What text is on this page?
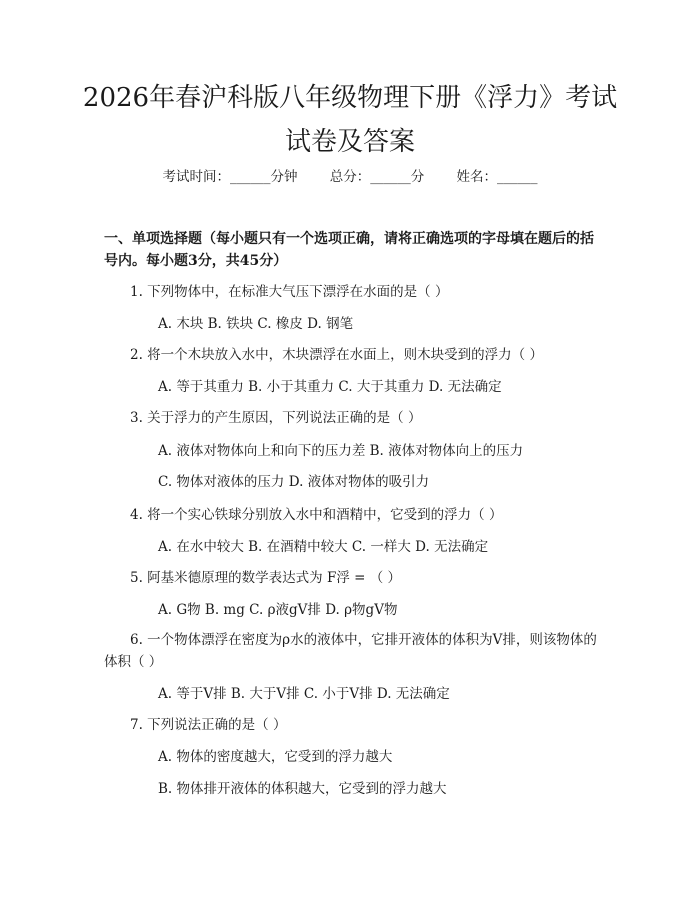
2026年春沪科版八年级物理下册《浮力》考试试卷及答案
考试时间：______分钟 总分：______分 姓名：______
一、单项选择题（每小题只有一个选项正确，请将正确选项的字母填在题后的括号内。每小题3分，共45分）
1. 下列物体中，在标准大气压下漂浮在水面的是（ ）
A. 木块 B. 铁块 C. 橡皮 D. 钢笔
2. 将一个木块放入水中，木块漂浮在水面上，则木块受到的浮力（ ）
A. 等于其重力 B. 小于其重力 C. 大于其重力 D. 无法确定
3. 关于浮力的产生原因，下列说法正确的是（ ）
A. 液体对物体向上和向下的压力差 B. 液体对物体向上的压力
C. 物体对液体的压力 D. 液体对物体的吸引力
4. 将一个实心铁球分别放入水中和酒精中，它受到的浮力（ ）
A. 在水中较大 B. 在酒精中较大 C. 一样大 D. 无法确定
5. 阿基米德原理的数学表达式为 F浮 = （ ）
A. G物 B. mg C. ρ液gV排 D. ρ物gV物
6. 一个物体漂浮在密度为ρ水的液体中，它排开液体的体积为V排，则该物体的体积（ ）
A. 等于V排 B. 大于V排 C. 小于V排 D. 无法确定
7. 下列说法正确的是（ ）
A. 物体的密度越大，它受到的浮力越大
B. 物体排开液体的体积越大，它受到的浮力越大
